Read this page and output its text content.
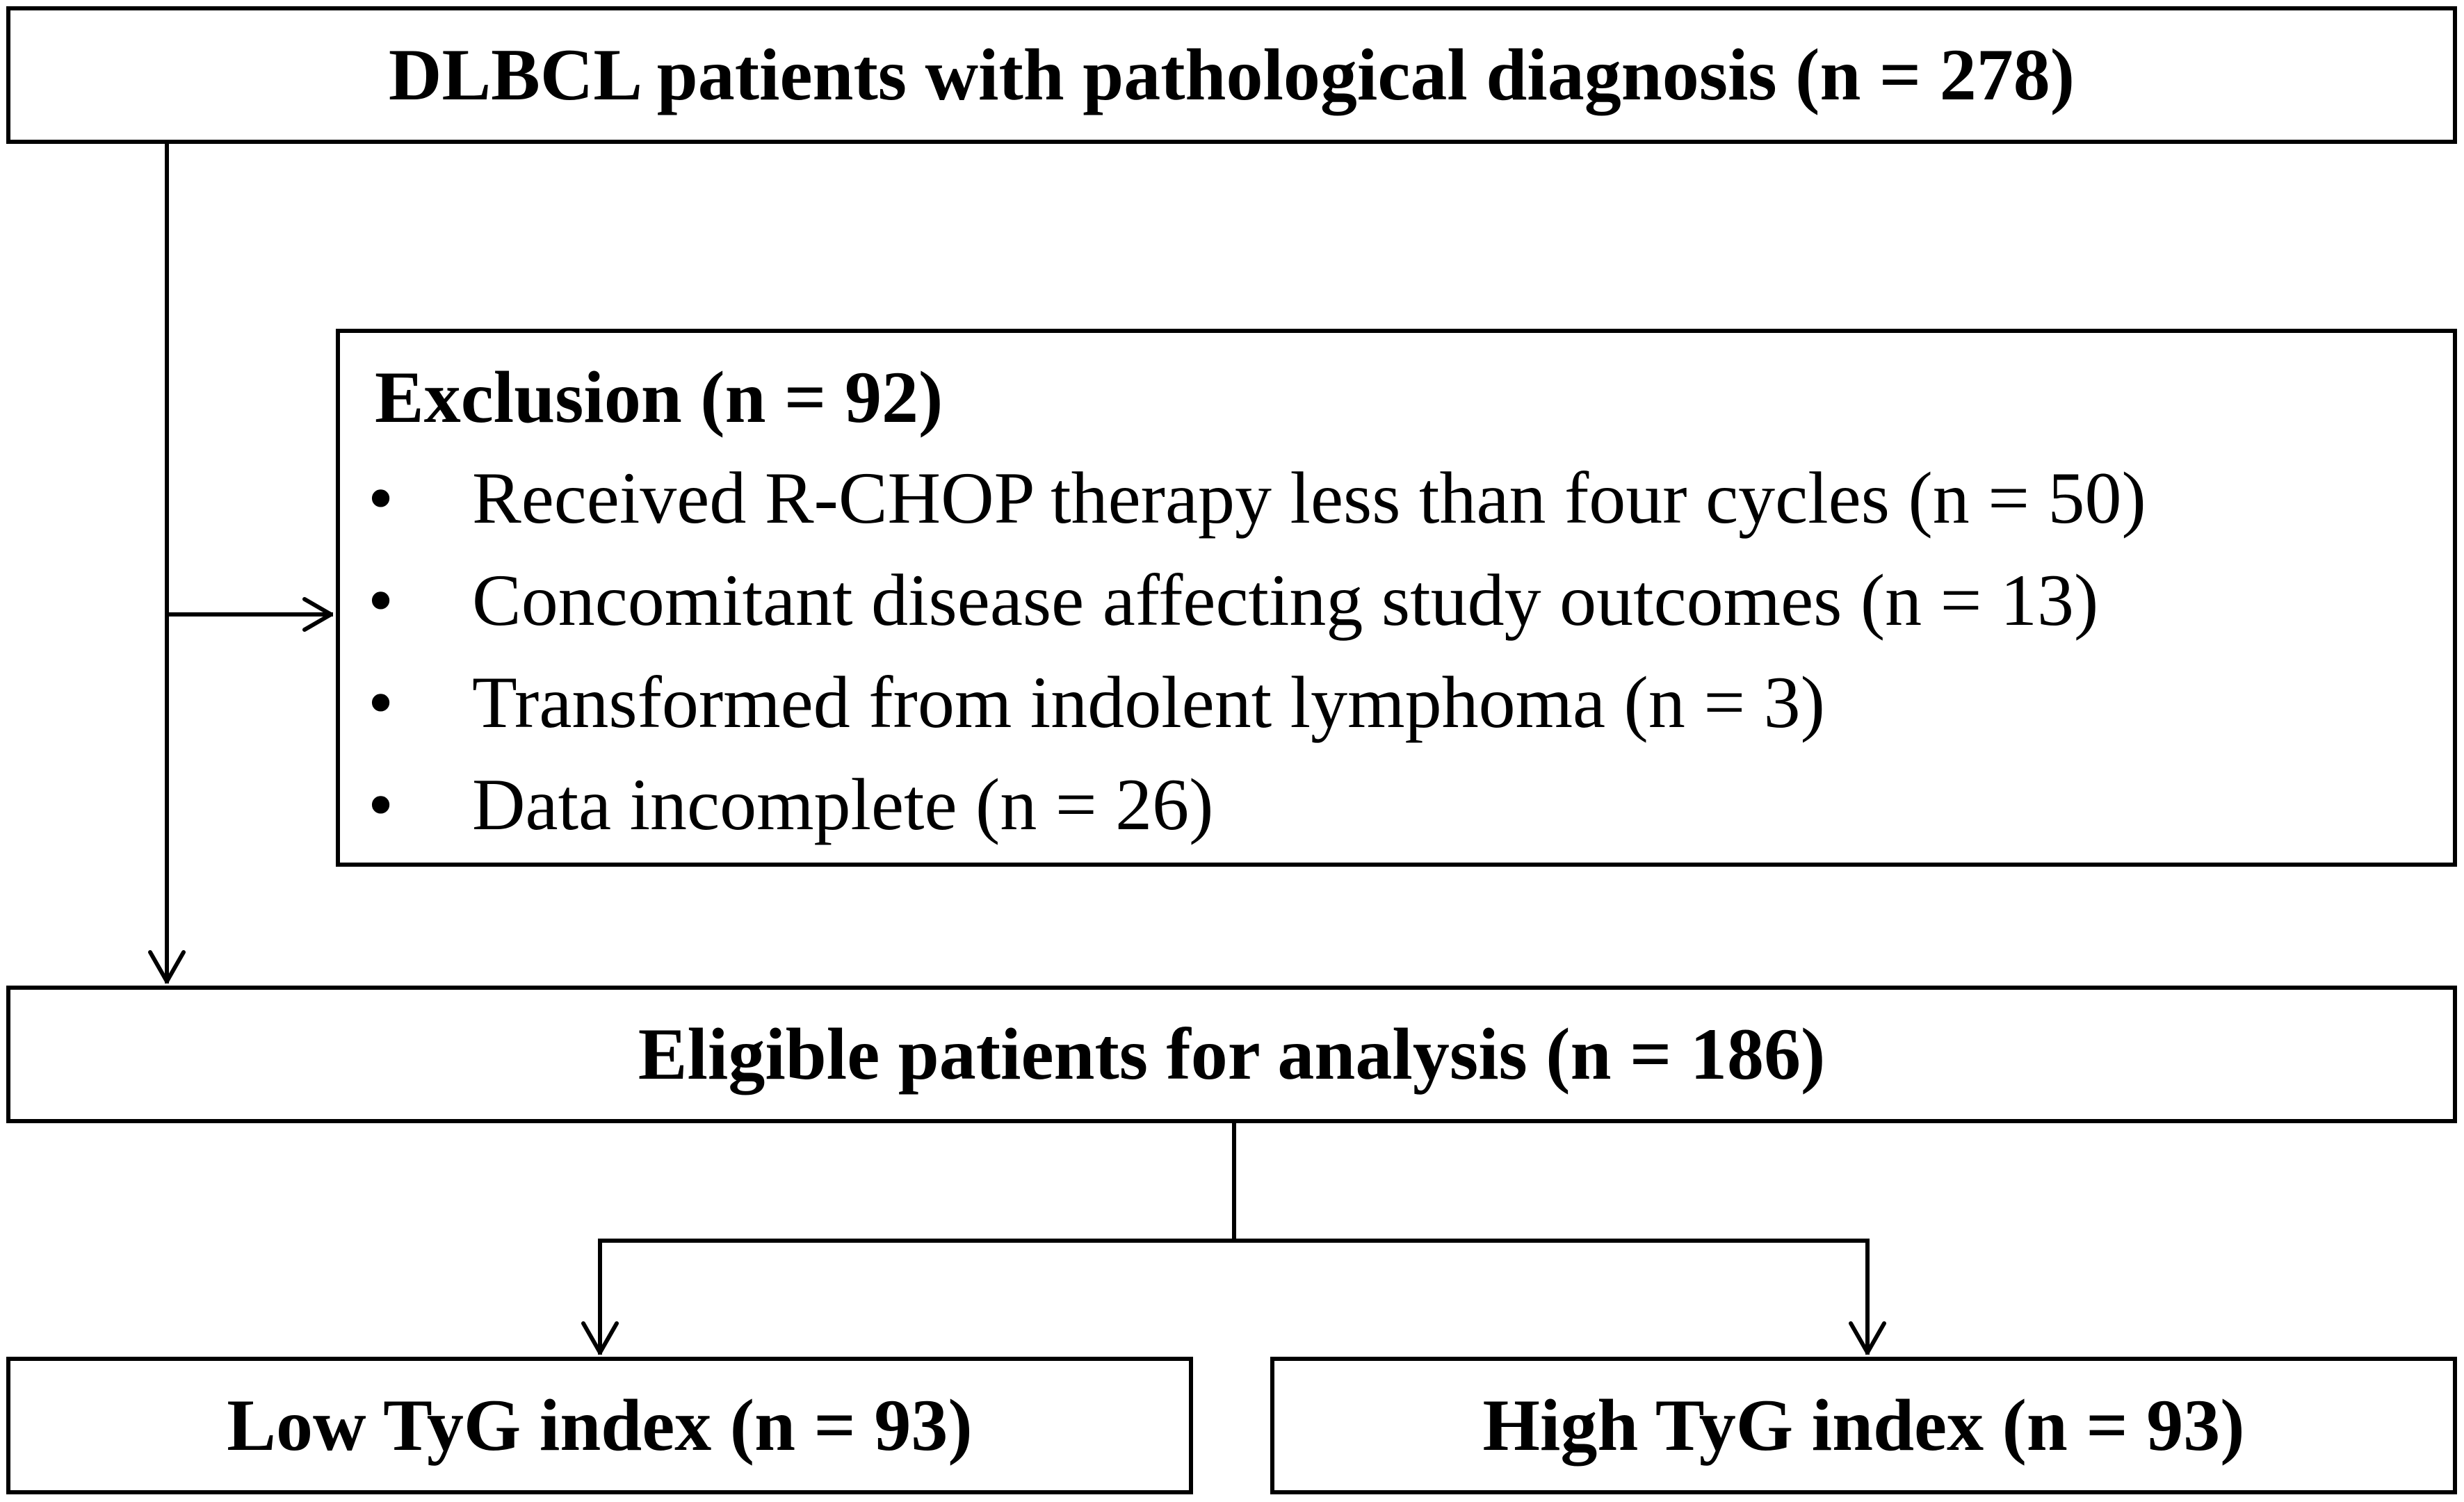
DLBCL patients with pathological diagnosis (n = 278)
Exclusion (n = 92)
• Received R-CHOP therapy less than four cycles (n = 50)
• Concomitant disease affecting study outcomes (n = 13)
• Transformed from indolent lymphoma (n = 3)
• Data incomplete (n = 26)
Eligible patients for analysis (n = 186)
Low TyG index (n = 93)	High TyG index (n = 93)
